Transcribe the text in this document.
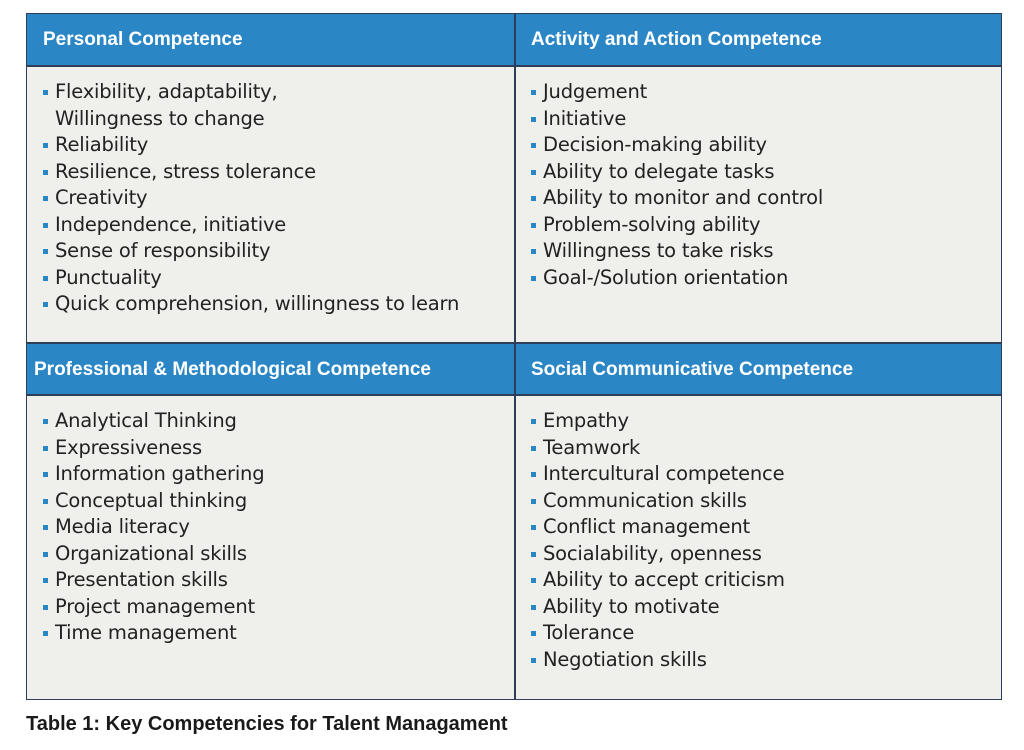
Personal Competence
Flexibility, adaptability,
Willingness to change
Reliability
Resilience, stress tolerance
Creativity
Independence, initiative
Sense of responsibility
Punctuality
Quick comprehension, willingness to learn
Activity and Action Competence
Judgement
Initiative
Decision-making ability
Ability to delegate tasks
Ability to monitor and control
Problem-solving ability
Willingness to take risks
Goal-/Solution orientation
Professional & Methodological Competence
Analytical Thinking
Expressiveness
Information gathering
Conceptual thinking
Media literacy
Organizational skills
Presentation skills
Project management
Time management
Social Communicative Competence
Empathy
Teamwork
Intercultural competence
Communication skills
Conflict management
Socialability, openness
Ability to accept criticism
Ability to motivate
Tolerance
Negotiation skills
Table 1: Key Competencies for Talent Managament
